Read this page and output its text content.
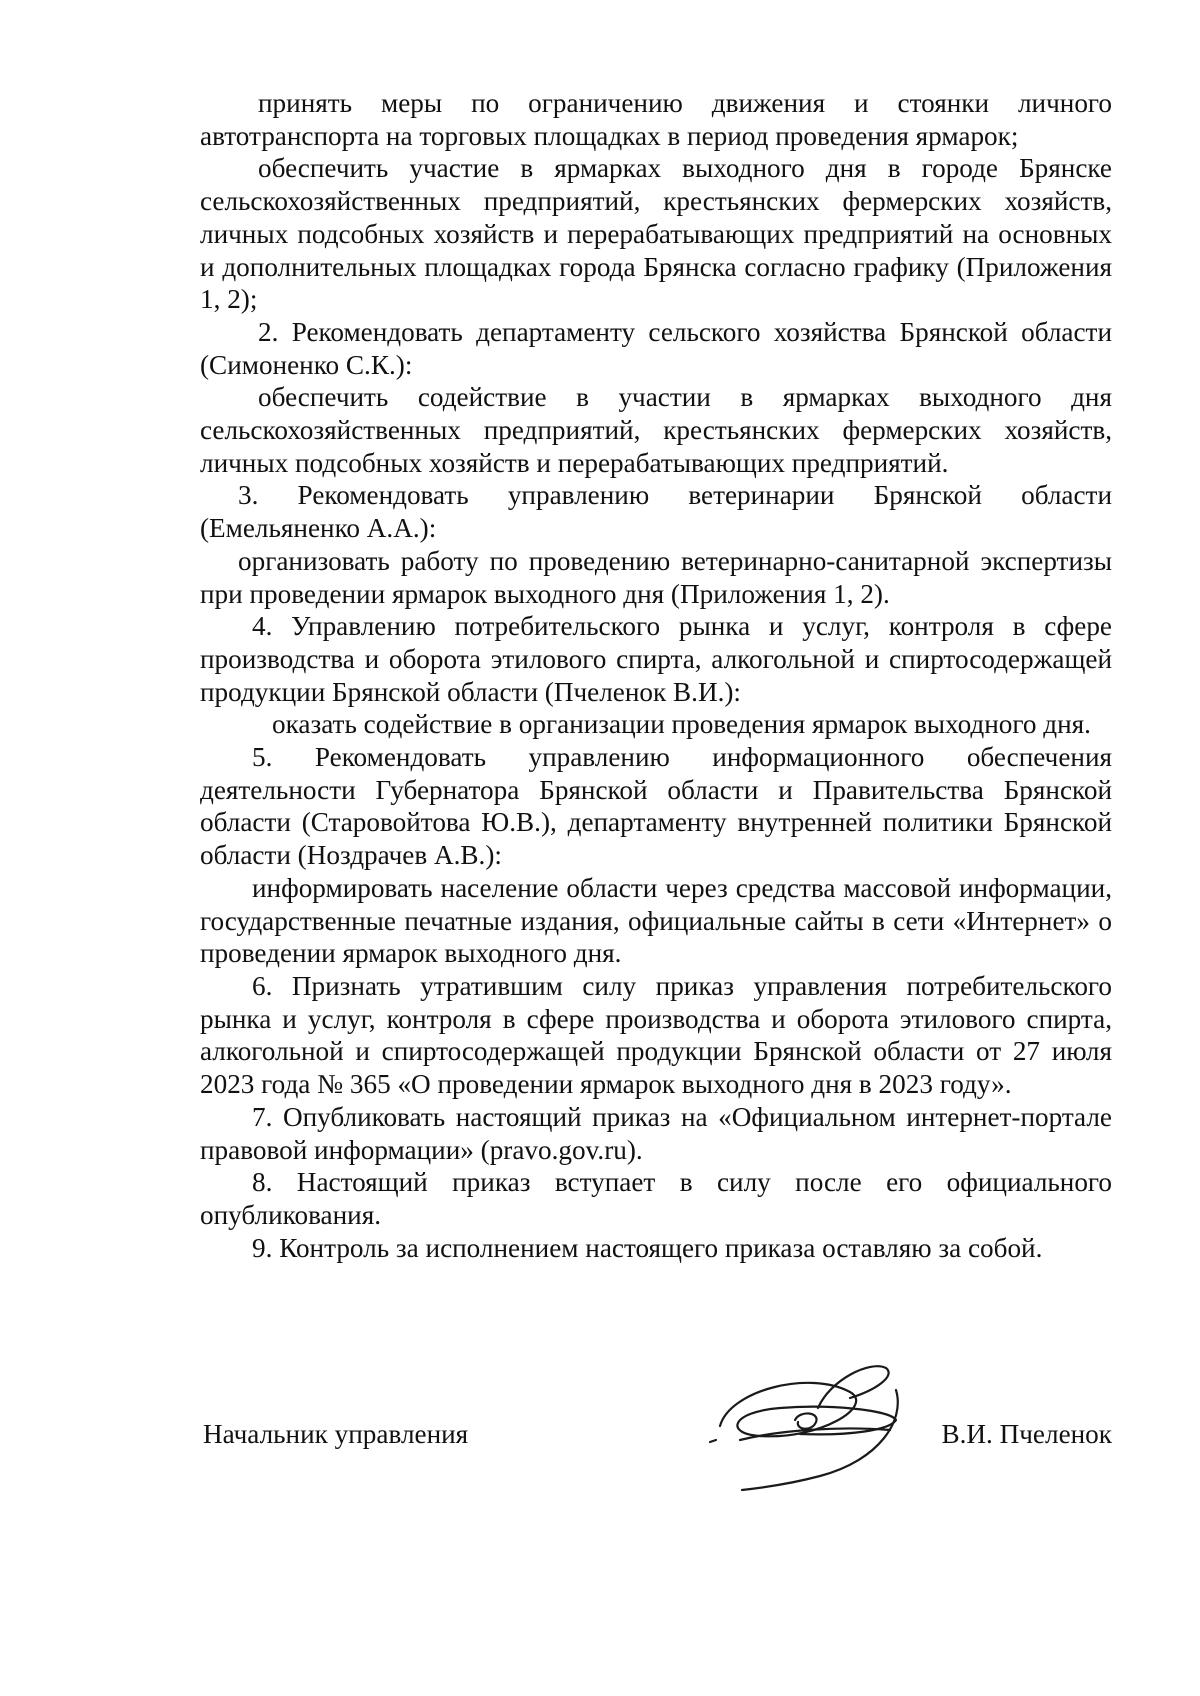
принять меры по ограничению движения и стоянки личного автотранспорта на торговых площадках в период проведения ярмарок;

обеспечить участие в ярмарках выходного дня в городе Брянске сельскохозяйственных предприятий, крестьянских фермерских хозяйств, личных подсобных хозяйств и перерабатывающих предприятий на основных и дополнительных площадках города Брянска согласно графику (Приложения 1, 2);

2. Рекомендовать департаменту сельского хозяйства Брянской области (Симоненко С.К.):

обеспечить содействие в участии в ярмарках выходного дня сельскохозяйственных предприятий, крестьянских фермерских хозяйств, личных подсобных хозяйств и перерабатывающих предприятий.

3. Рекомендовать управлению ветеринарии Брянской области (Емельяненко А.А.):

организовать работу по проведению ветеринарно-санитарной экспертизы при проведении ярмарок выходного дня (Приложения 1, 2).

4. Управлению потребительского рынка и услуг, контроля в сфере производства и оборота этилового спирта, алкогольной и спиртосодержащей продукции Брянской области (Пчеленок В.И.):

оказать содействие в организации проведения ярмарок выходного дня.

5. Рекомендовать управлению информационного обеспечения деятельности Губернатора Брянской области и Правительства Брянской области (Старовойтова Ю.В.), департаменту внутренней политики Брянской области (Ноздрачев А.В.):

информировать население области через средства массовой информации, государственные печатные издания, официальные сайты в сети «Интернет» о проведении ярмарок выходного дня.

6. Признать утратившим силу приказ управления потребительского рынка и услуг, контроля в сфере производства и оборота этилового спирта, алкогольной и спиртосодержащей продукции Брянской области от 27 июля 2023 года № 365 «О проведении ярмарок выходного дня в 2023 году».

7. Опубликовать настоящий приказ на «Официальном интернет-портале правовой информации» (pravo.gov.ru).

8. Настоящий приказ вступает в силу после его официального опубликования.

9. Контроль за исполнением настоящего приказа оставляю за собой.

Начальник управления	В.И. Пчеленок
